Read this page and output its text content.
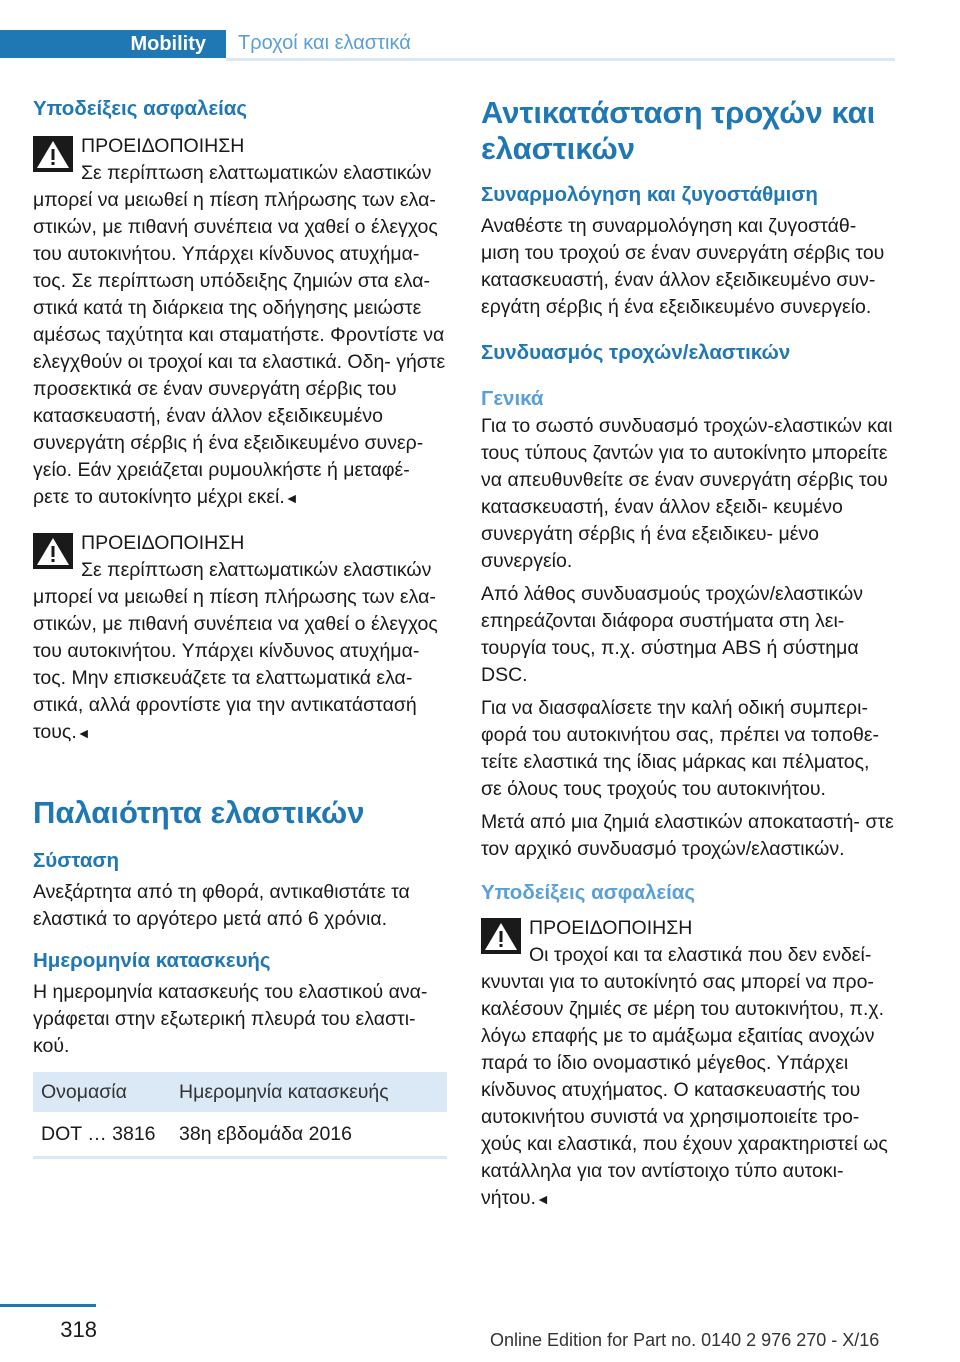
Mobility Τροχοί και ελαστικά
Υποδείξεις ασφαλείας
ΠΡΟΕΙΔΟΠΟΙΗΣΗ
Σε περίπτωση ελαττωματικών ελαστικών

μπορεί να μειωθεί η πίεση πλήρωσης των ελα‐ στικών, με πιθανή συνέπεια να χαθεί ο έλεγχος του αυτοκινήτου. Υπάρχει κίνδυνος ατυχήμα‐ τος. Σε περίπτωση υπόδειξης ζημιών στα ελα‐ στικά κατά τη διάρκεια της οδήγησης μειώστε αμέσως ταχύτητα και σταματήστε. Φροντίστε να ελεγχθούν οι τροχοί και τα ελαστικά. Οδη‐ γήστε προσεκτικά σε έναν συνεργάτη σέρβις του κατασκευαστή, έναν άλλον εξειδικευμένο συνεργάτη σέρβις ή ένα εξειδικευμένο συνερ‐ γείο. Εάν χρειάζεται ρυμουλκήστε ή μεταφέ‐ ρετε το αυτοκίνητο μέχρι εκεί.◄

ΠΡΟΕΙΔΟΠΟΙΗΣΗ
Σε περίπτωση ελαττωματικών ελαστικών

μπορεί να μειωθεί η πίεση πλήρωσης των ελα‐ στικών, με πιθανή συνέπεια να χαθεί ο έλεγχος του αυτοκινήτου. Υπάρχει κίνδυνος ατυχήμα‐ τος. Μην επισκευάζετε τα ελαττωματικά ελα‐ στικά, αλλά φροντίστε για την αντικατάστασή τους.◄

Παλαιότητα ελαστικών
Σύσταση

Ανεξάρτητα από τη φθορά, αντικαθιστάτε τα ελαστικά το αργότερο μετά από 6 χρόνια.

Ημερομηνία κατασκευής

Η ημερομηνία κατασκευής του ελαστικού ανα‐ γράφεται στην εξωτερική πλευρά του ελαστι‐ κού.

Ονομασία	Ημερομηνία κατασκευής
DOT … 3816	38η εβδομάδα 2016
Αντικατάσταση τροχών και ελαστικών
Συναρμολόγηση και ζυγοστάθμιση

Αναθέστε τη συναρμολόγηση και ζυγοστάθ‐ μιση του τροχού σε έναν συνεργάτη σέρβις του κατασκευαστή, έναν άλλον εξειδικευμένο συν‐ εργάτη σέρβις ή ένα εξειδικευμένο συνεργείο.

Συνδυασμός τροχών/ελαστικών
Γενικά

Για το σωστό συνδυασμό τροχών-ελαστικών και τους τύπους ζαντών για το αυτοκίνητο μπορείτε να απευθυνθείτε σε έναν συνεργάτη σέρβις του κατασκευαστή, έναν άλλον εξειδι‐ κευμένο συνεργάτη σέρβις ή ένα εξειδικευ‐ μένο συνεργείο.

Από λάθος συνδυασμούς τροχών/ελαστικών επηρεάζονται διάφορα συστήματα στη λει‐ τουργία τους, π.χ. σύστημα ABS ή σύστημα DSC.

Για να διασφαλίσετε την καλή οδική συμπερι‐ φορά του αυτοκινήτου σας, πρέπει να τοποθε‐ τείτε ελαστικά της ίδιας μάρκας και πέλματος, σε όλους τους τροχούς του αυτοκινήτου.

Μετά από μια ζημιά ελαστικών αποκαταστή‐ στε τον αρχικό συνδυασμό τροχών/ελαστικών.

Υποδείξεις ασφαλείας
ΠΡΟΕΙΔΟΠΟΙΗΣΗ
Οι τροχοί και τα ελαστικά που δεν ενδεί‐

κνυνται για το αυτοκίνητό σας μπορεί να προ‐ καλέσουν ζημιές σε μέρη του αυτοκινήτου, π.χ. λόγω επαφής με το αμάξωμα εξαιτίας ανοχών παρά το ίδιο ονομαστικό μέγεθος. Υπάρχει κίνδυνος ατυχήματος. Ο κατασκευαστής του αυτοκινήτου συνιστά να χρησιμοποιείτε τρο‐ χούς και ελαστικά, που έχουν χαρακτηριστεί ως κατάλληλα για τον αντίστοιχο τύπο αυτοκι‐ νήτου.◄

318	Online Edition for Part no. 0140 2 976 270 - X/16
